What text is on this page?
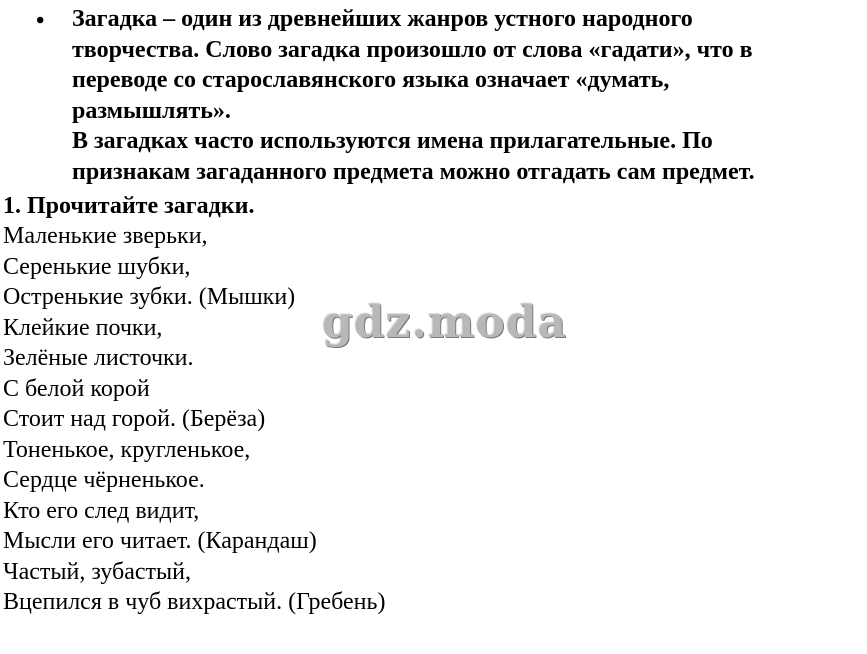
• Загадка – один из древнейших жанров устного народного
творчества. Слово загадка произошло от слова «гадати», что в
переводе со старославянского языка означает «думать,
размышлять».
В загадках часто используются имена прилагательные. По
признакам загаданного предмета можно отгадать сам предмет.
1. Прочитайте загадки.
Маленькие зверьки,
Серенькие шубки,
Остренькие зубки. (Мышки)
Клейкие почки,
Зелёные листочки.
С белой корой
Стоит над горой. (Берёза)
Тоненькое, кругленькое,
Сердце чёрненькое.
Кто его след видит,
Мысли его читает. (Карандаш)
Частый, зубастый,
Вцепился в чуб вихрастый. (Гребень)
gdz.moda
